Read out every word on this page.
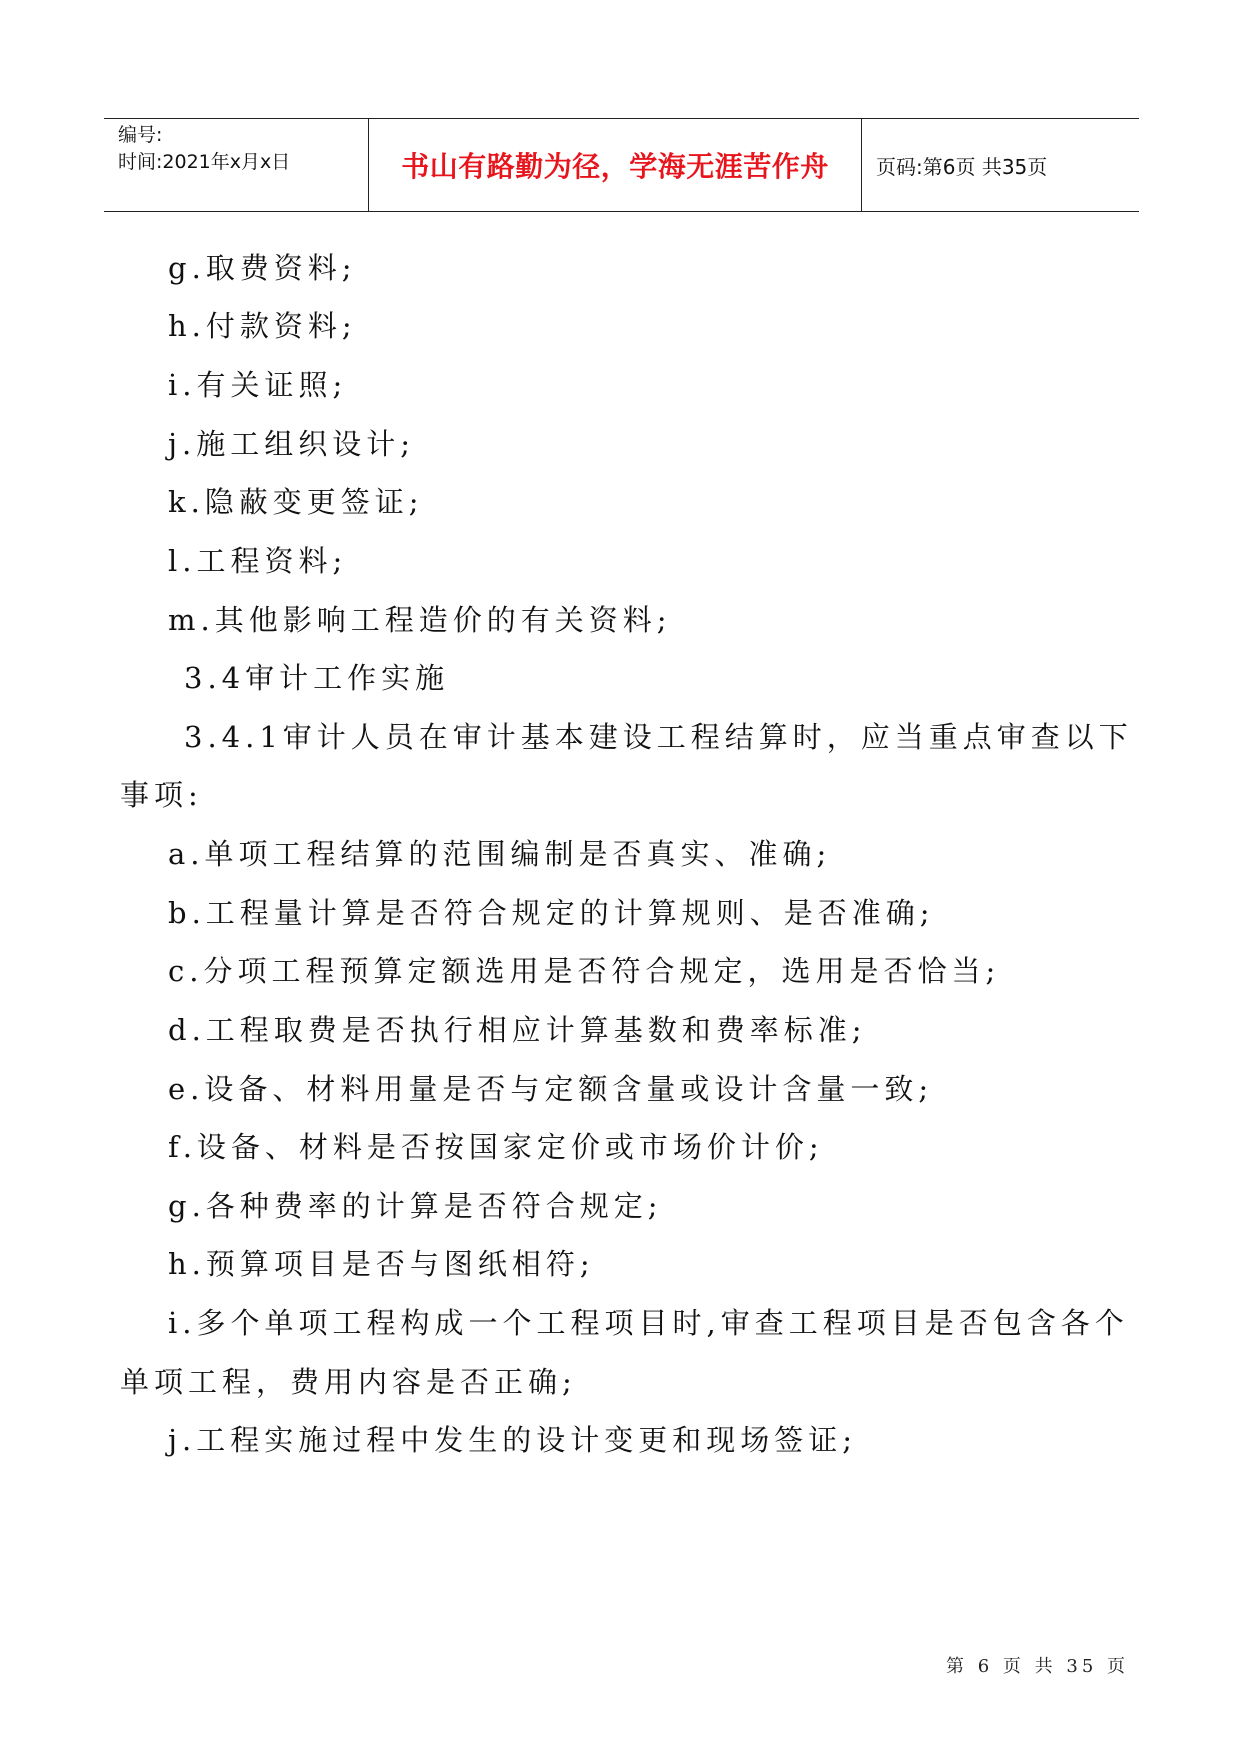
编号:
时间:2021年x月x日	书山有路勤为径，学海无涯苦作舟 页码:第6页 共35页
g.取费资料;
h.付款资料;
i.有关证照;
j.施工组织设计;
k.隐蔽变更签证;
l.工程资料;
m.其他影响工程造价的有关资料;
3.4审计工作实施
3.4.1审计人员在审计基本建设工程结算时，应当重点审查以下
事项:
a.单项工程结算的范围编制是否真实、准确;
b.工程量计算是否符合规定的计算规则、是否准确;
c.分项工程预算定额选用是否符合规定，选用是否恰当;
d.工程取费是否执行相应计算基数和费率标准;
e.设备、材料用量是否与定额含量或设计含量一致;
f.设备、材料是否按国家定价或市场价计价;
g.各种费率的计算是否符合规定;
h.预算项目是否与图纸相符;
i.多个单项工程构成一个工程项目时,审查工程项目是否包含各个
单项工程，费用内容是否正确;
j.工程实施过程中发生的设计变更和现场签证;
第 6 页 共 35 页
